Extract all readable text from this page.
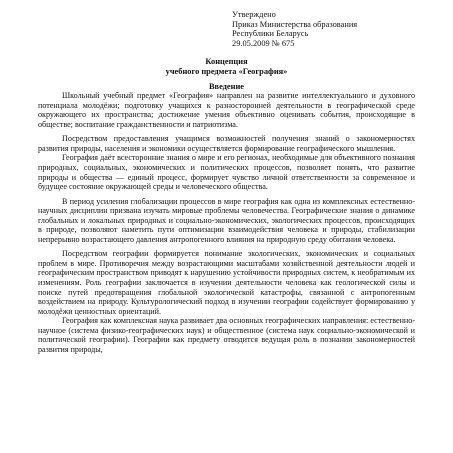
Утверждено
Приказ Министерства образования
Республики Беларусь
29.05.2009 № 675
Концепция
учебного предмета «География»
Введение

Школьный учебный предмет «География» направлен на развитие интеллектуального и духовного потенциала молодёжи; подготовку учащихся к разносторонней деятельности в географической среде окружающего их пространства; достижение умения объективно оценивать события, происходящие в обществе; воспитание гражданственности и патриотизма.

Посредством предоставления учащимся возможностей получения знаний о закономерностях развития природы, населения и экономики осуществляется формирование географического мышления.

География даёт всесторонние знания о мире и его регионах, необходимые для объективного познания природных, социальных, экономических и политических процессов, позволяет понять, что развитие природы и общества — единый процесс, формирует чувство личной ответственности за современное и будущее состояние окружающей среды и человеческого общества.

В период усиления глобализации процессов в мире география как одна из комплексных естественно-научных дисциплин призвана изучать мировые проблемы человечества. Географические знания о динамике глобальных и локальных природных и социально-экономических, экологических процессов, происходящих в природе, позволяют наметить пути оптимизации взаимодействия человека и природы, стабилизации непрерывно возрастающего давления антропогенного влияния на природную среду обитания человека.

Посредством географии формируется понимание экологических, экономических и социальных проблем в мире. Противоречия между возрастающими масштабами хозяйственной деятельности людей и географическим пространством приводят к нарушению устойчивости природных систем, к необратимым их изменениям. Роль географии заключается в изучении деятельности человека как геологической силы и поиске путей предотвращения глобальной экологической катастрофы, связанной с антропогенным воздействием на природу. Культурологический подход в изучении географии содействует формированию у молодёжи ценностных ориентаций.

География как комплексная наука развивает два основных географических направления: естественно-научное (система физико-географических наук) и общественное (система наук социально-экономической и политической географии). Географии как предмету отводится ведущая роль в познании закономерностей развития природы,
